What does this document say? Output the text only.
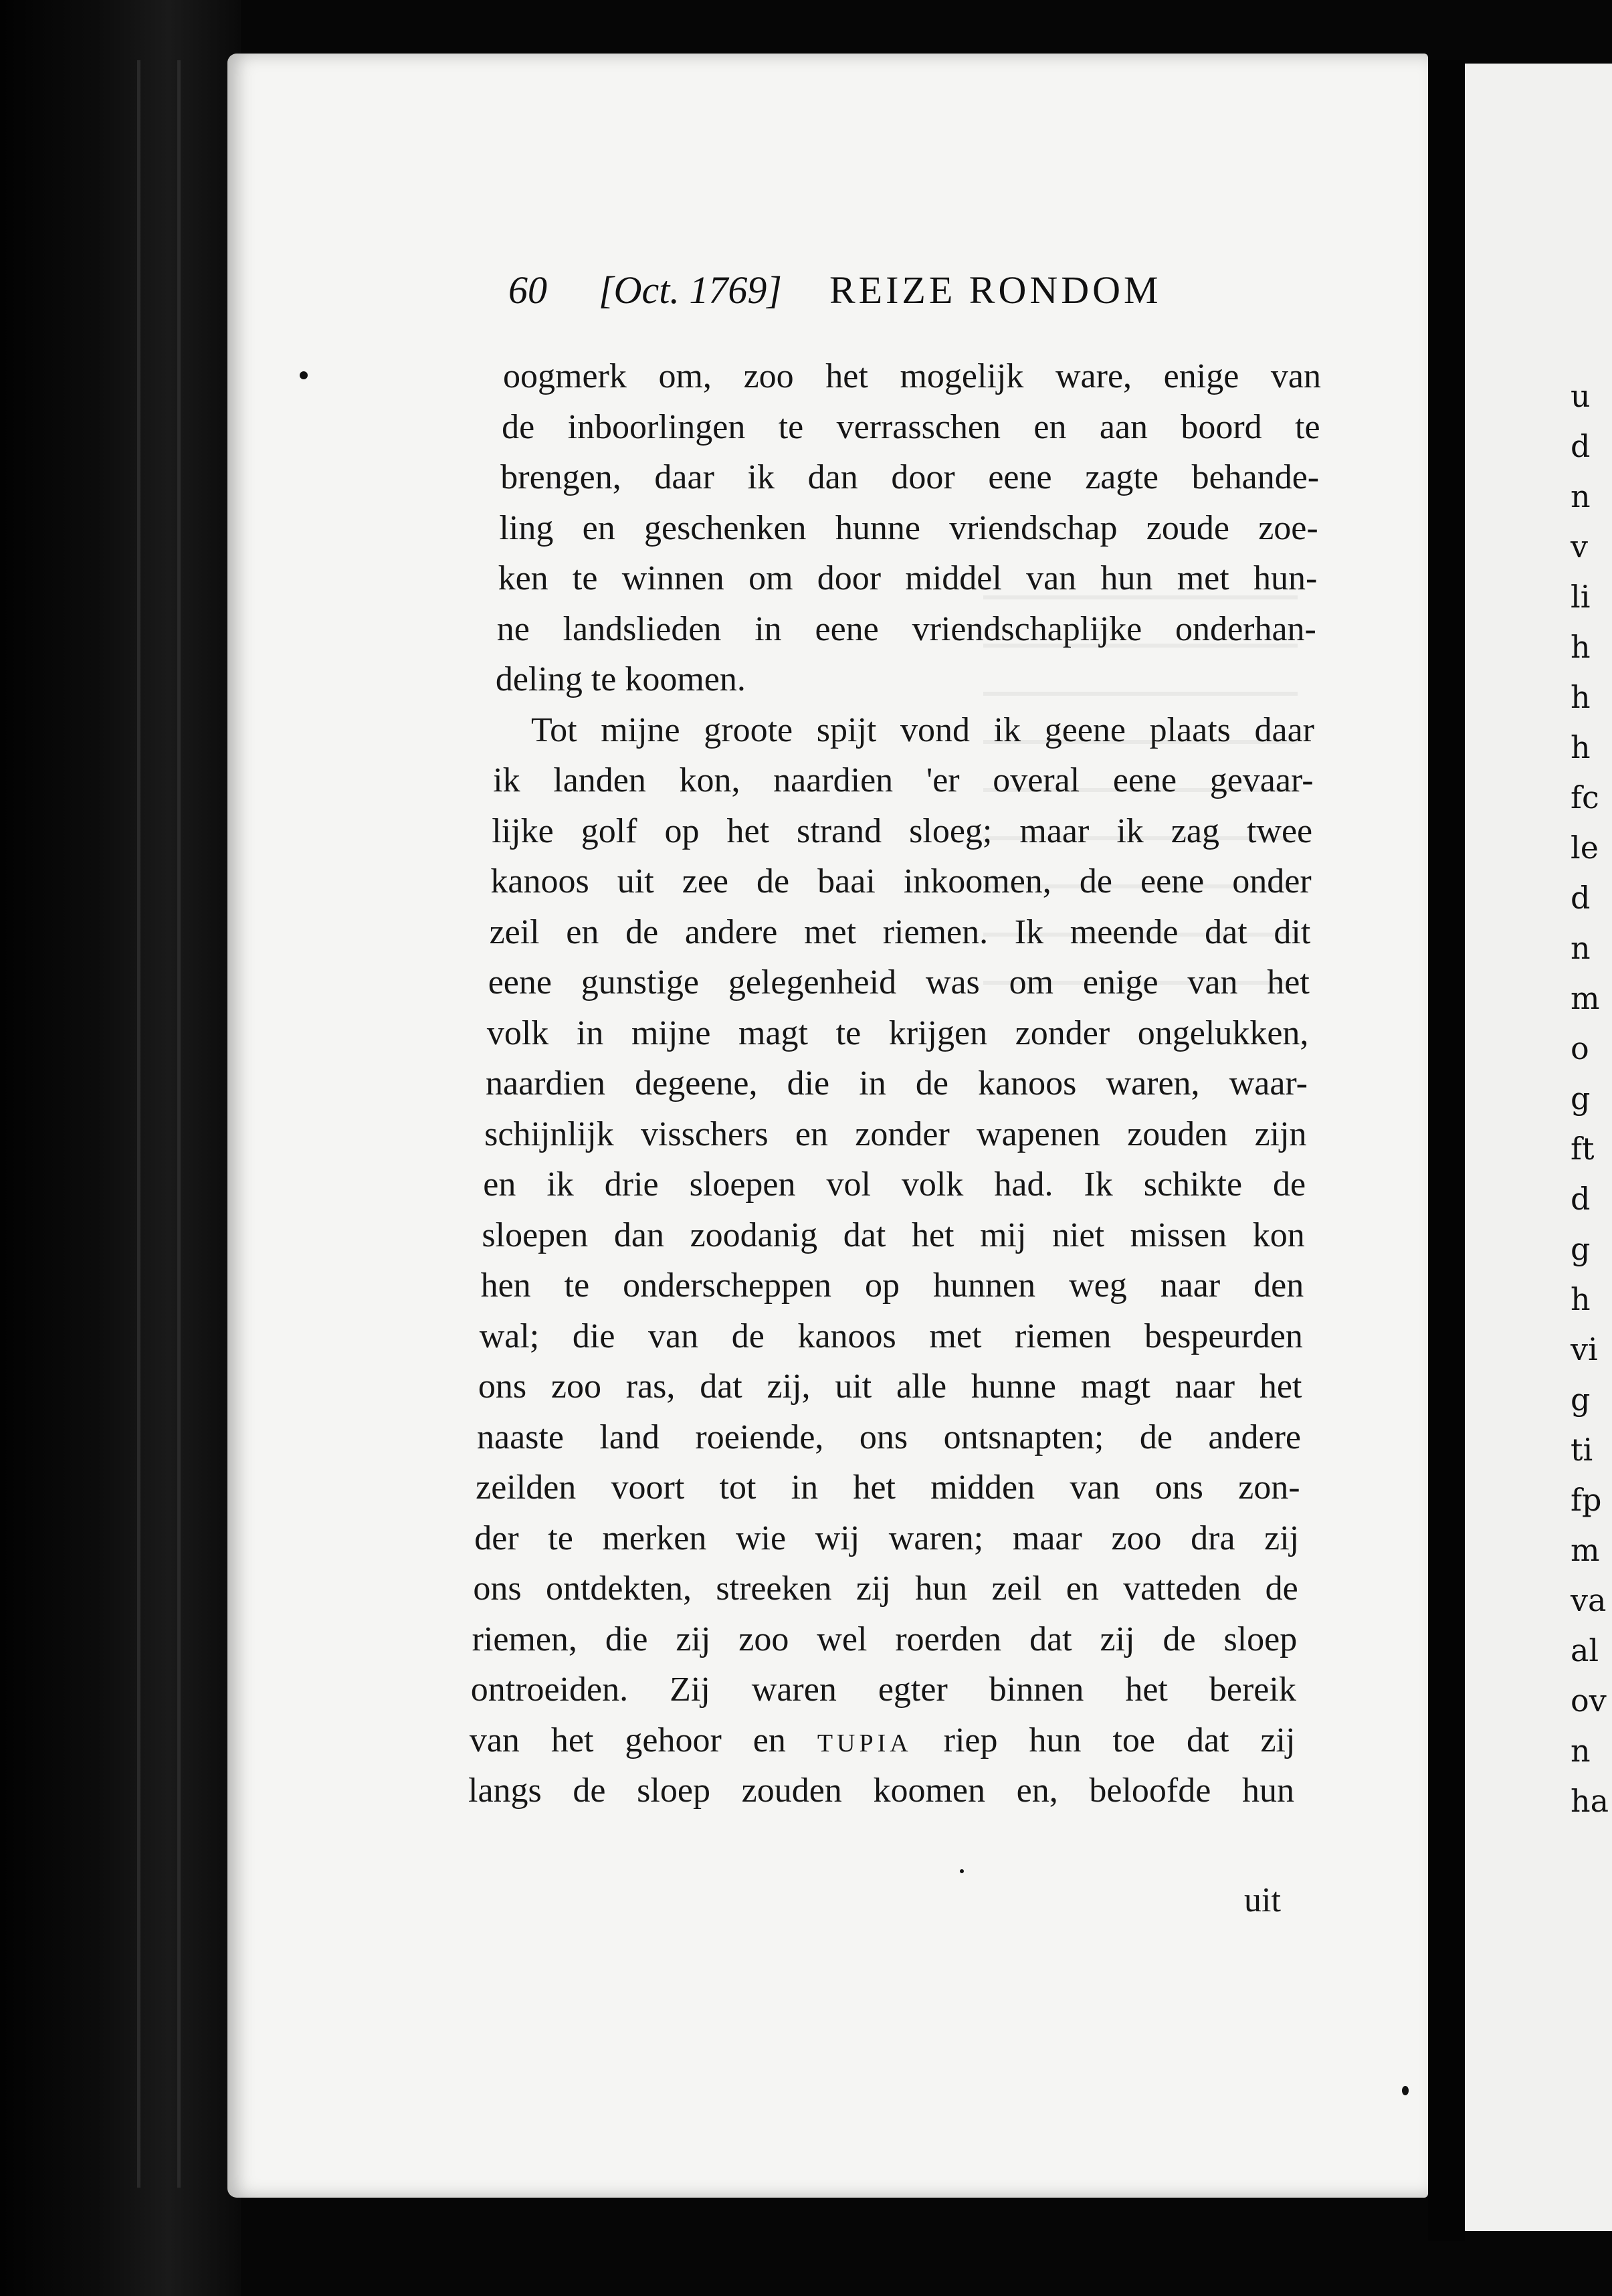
u
d
n
v
li
h
h
h
fc
le
d
n
m
o
g
ft
d
g
h
vi
g
ti
fp
m
va
al
ov
n
ha
60 [Oct. 1769] REIZE RONDOM
oogmerk om, zoo het mogelijk ware, enige van
de inboorlingen te verrasschen en aan boord te
brengen, daar ik dan door eene zagte behande-
ling en geschenken hunne vriendschap zoude zoe-
ken te winnen om door middel van hun met hun-
ne landslieden in eene vriendschaplijke onderhan-
deling te koomen.
Tot mijne groote spijt vond ik geene plaats daar
ik landen kon, naardien 'er overal eene gevaar-
lijke golf op het strand sloeg; maar ik zag twee
kanoos uit zee de baai inkoomen, de eene onder
zeil en de andere met riemen. Ik meende dat dit
eene gunstige gelegenheid was om enige van het
volk in mijne magt te krijgen zonder ongelukken,
naardien degeene, die in de kanoos waren, waar-
schijnlijk visschers en zonder wapenen zouden zijn
en ik drie sloepen vol volk had. Ik schikte de
sloepen dan zoodanig dat het mij niet missen kon
hen te onderscheppen op hunnen weg naar den
wal; die van de kanoos met riemen bespeurden
ons zoo ras, dat zij, uit alle hunne magt naar het
naaste land roeiende, ons ontsnapten; de andere
zeilden voort tot in het midden van ons zon-
der te merken wie wij waren; maar zoo dra zij
ons ontdekten, streeken zij hun zeil en vatteden de
riemen, die zij zoo wel roerden dat zij de sloep
ontroeiden. Zij waren egter binnen het bereik
van het gehoor en TUPIA riep hun toe dat zij
langs de sloep zouden koomen en, beloofde hun
uit
